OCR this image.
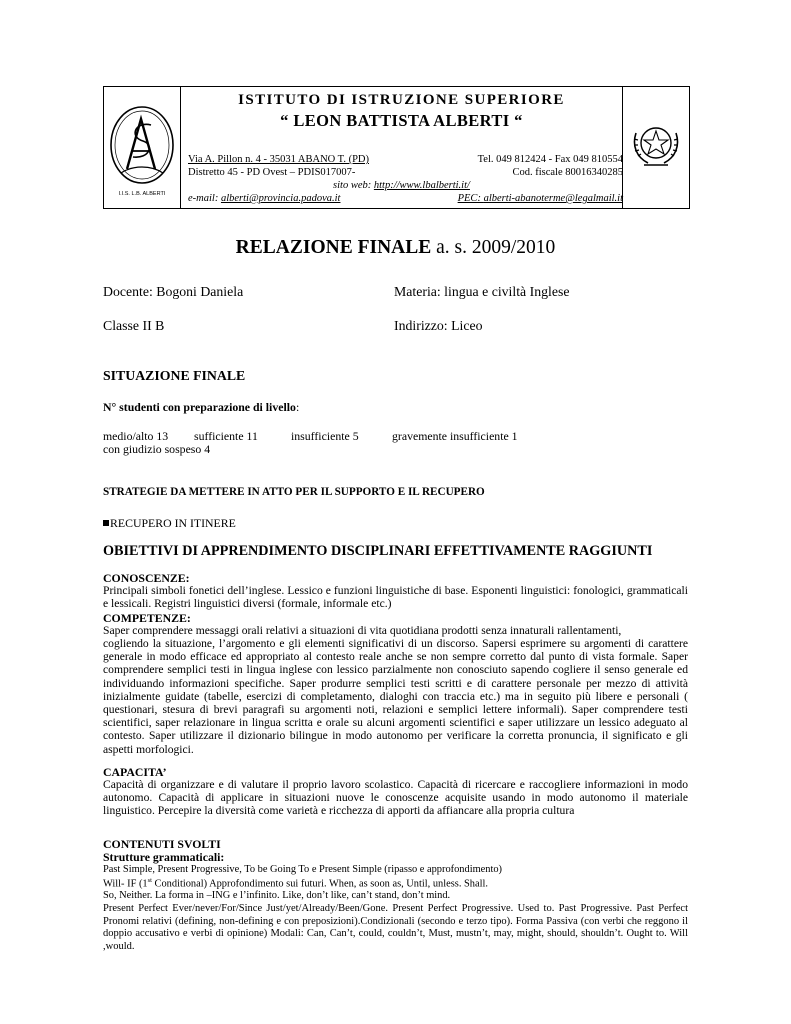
I.I.S. L.B. ALBERTI
ISTITUTO DI ISTRUZIONE SUPERIORE
“ LEON BATTISTA ALBERTI “
Via A. Pillon n. 4 - 35031 ABANO T. (PD)	Tel. 049 812424 - Fax 049 810554
Distretto 45 - PD Ovest – PDIS017007-	Cod. fiscale 80016340285
sito web: http://www.lbalberti.it/
e-mail: alberti@provincia.padova.it	PEC: alberti-abanoterme@legalmail.it
RELAZIONE FINALE a. s. 2009/2010
Docente: Bogoni Daniela	Materia: lingua e civiltà Inglese
Classe II B	Indirizzo: Liceo
SITUAZIONE FINALE
N° studenti con preparazione di livello:
medio/alto 13 sufficiente 11	insufficiente 5	gravemente insufficiente 1
con giudizio sospeso 4
STRATEGIE DA METTERE IN ATTO PER IL SUPPORTO E IL RECUPERO
RECUPERO IN ITINERE
OBIETTIVI DI APPRENDIMENTO DISCIPLINARI EFFETTIVAMENTE RAGGIUNTI
CONOSCENZE:
Principali simboli fonetici dell’inglese. Lessico e funzioni linguistiche di base. Esponenti linguistici: fonologici, grammaticali e lessicali. Registri linguistici diversi (formale, informale etc.)
COMPETENZE:
Saper comprendere messaggi orali relativi a situazioni di vita quotidiana prodotti senza innaturali rallentamenti,
cogliendo la situazione, l’argomento e gli elementi significativi di un discorso. Sapersi esprimere su argomenti di carattere generale in modo efficace ed appropriato al contesto reale anche se non sempre corretto dal punto di vista formale. Saper comprendere semplici testi in lingua inglese con lessico parzialmente non conosciuto sapendo cogliere il senso generale ed individuando informazioni specifiche. Saper produrre semplici testi scritti e di carattere personale per mezzo di attività inizialmente guidate (tabelle, esercizi di completamento, dialoghi con traccia etc.) ma in seguito più libere e personali ( questionari, stesura di brevi paragrafi su argomenti noti, relazioni e semplici lettere informali). Saper comprendere testi scientifici, saper relazionare in lingua scritta e orale su alcuni argomenti scientifici e saper utilizzare un lessico adeguato al contesto. Saper utilizzare il dizionario bilingue in modo autonomo per verificare la corretta pronuncia, il significato e gli aspetti morfologici.
CAPACITA’
Capacità di organizzare e di valutare il proprio lavoro scolastico. Capacità di ricercare e raccogliere informazioni in modo autonomo. Capacità di applicare in situazioni nuove le conoscenze acquisite usando in modo autonomo il materiale linguistico. Percepire la diversità come varietà e ricchezza di apporti da affiancare alla propria cultura
CONTENUTI SVOLTI
Strutture grammaticali:
Past Simple, Present Progressive, To be Going To e Present Simple (ripasso e approfondimento)
Will- IF (1st Conditional) Approfondimento sui futuri. When, as soon as, Until, unless. Shall.
So, Neither. La forma in –ING e l’infinito. Like, don’t like, can’t stand, don’t mind.
Present Perfect Ever/never/For/Since Just/yet/Already/Been/Gone. Present Perfect Progressive. Used to. Past Progressive. Past Perfect Pronomi relativi (defining, non-defining e con preposizioni).Condizionali (secondo e terzo tipo). Forma Passiva (con verbi che reggono il doppio accusativo e verbi di opinione) Modali: Can, Can’t, could, couldn’t, Must, mustn’t, may, might, should, shouldn’t. Ought to. Will ,would.
